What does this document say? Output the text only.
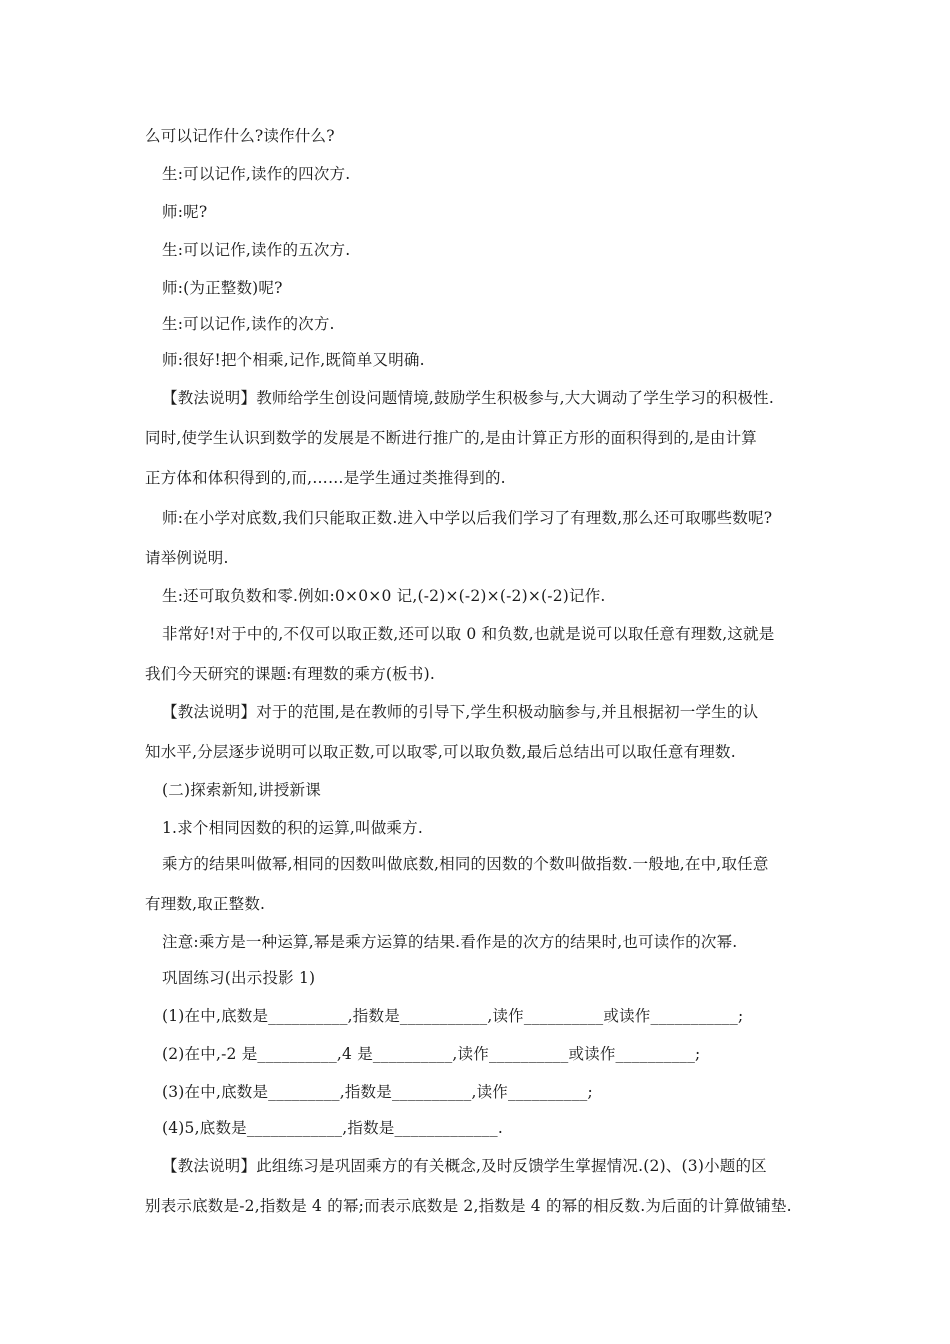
么可以记作什么?读作什么?
生:可以记作,读作的四次方.
师:呢?
生:可以记作,读作的五次方.
师:(为正整数)呢?
生:可以记作,读作的次方.
师:很好!把个相乘,记作,既简单又明确.
【教法说明】教师给学生创设问题情境,鼓励学生积极参与,大大调动了学生学习的积极性.
同时,使学生认识到数学的发展是不断进行推广的,是由计算正方形的面积得到的,是由计算
正方体和体积得到的,而,……是学生通过类推得到的.
师:在小学对底数,我们只能取正数.进入中学以后我们学习了有理数,那么还可取哪些数呢?
请举例说明.
生:还可取负数和零.例如:0×0×0 记,(-2)×(-2)×(-2)×(-2)记作.
非常好!对于中的,不仅可以取正数,还可以取 0 和负数,也就是说可以取任意有理数,这就是
我们今天研究的课题:有理数的乘方(板书).
【教法说明】对于的范围,是在教师的引导下,学生积极动脑参与,并且根据初一学生的认
知水平,分层逐步说明可以取正数,可以取零,可以取负数,最后总结出可以取任意有理数.
(二)探索新知,讲授新课
1.求个相同因数的积的运算,叫做乘方.
乘方的结果叫做幂,相同的因数叫做底数,相同的因数的个数叫做指数.一般地,在中,取任意
有理数,取正整数.
注意:乘方是一种运算,幂是乘方运算的结果.看作是的次方的结果时,也可读作的次幂.
巩固练习(出示投影 1)
(1)在中,底数是__________,指数是___________,读作__________或读作___________;
(2)在中,-2 是__________,4 是__________,读作__________或读作__________;
(3)在中,底数是_________,指数是__________,读作__________;
(4)5,底数是____________,指数是_____________.
【教法说明】此组练习是巩固乘方的有关概念,及时反馈学生掌握情况.(2)、(3)小题的区
别表示底数是-2,指数是 4 的幂;而表示底数是 2,指数是 4 的幂的相反数.为后面的计算做铺垫.
